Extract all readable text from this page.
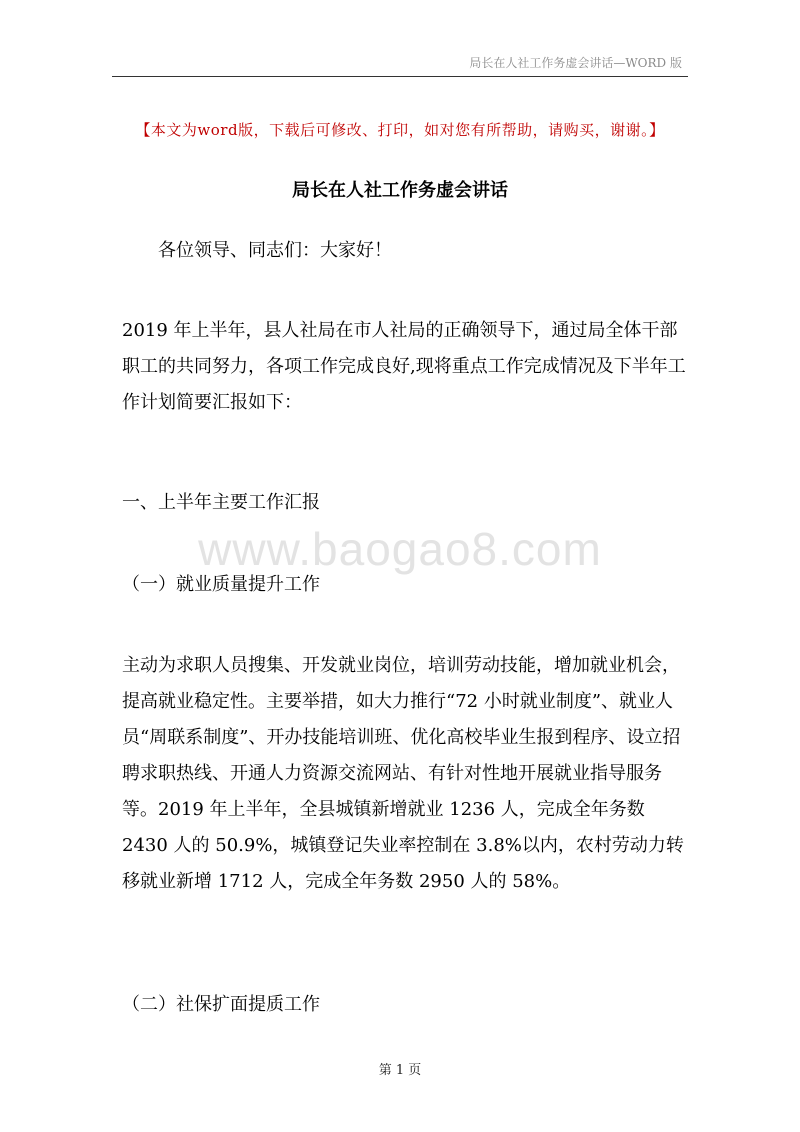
局长在人社工作务虚会讲话—WORD 版
【本文为word版，下载后可修改、打印，如对您有所帮助，请购买，谢谢。】
局长在人社工作务虚会讲话
各位领导、同志们：大家好！
2019 年上半年，县人社局在市人社局的正确领导下，通过局全体干部职工的共同努力，各项工作完成良好,现将重点工作完成情况及下半年工作计划简要汇报如下：
一、上半年主要工作汇报
www.baogao8.com
（一）就业质量提升工作
主动为求职人员搜集、开发就业岗位，培训劳动技能，增加就业机会，提高就业稳定性。主要举措，如大力推行“72 小时就业制度”、就业人员“周联系制度”、开办技能培训班、优化高校毕业生报到程序、设立招聘求职热线、开通人力资源交流网站、有针对性地开展就业指导服务等。2019 年上半年，全县城镇新增就业 1236 人，完成全年务数 2430 人的 50.9%，城镇登记失业率控制在 3.8%以内，农村劳动力转移就业新增 1712 人，完成全年务数 2950 人的 58%。
（二）社保扩面提质工作
第 1 页
